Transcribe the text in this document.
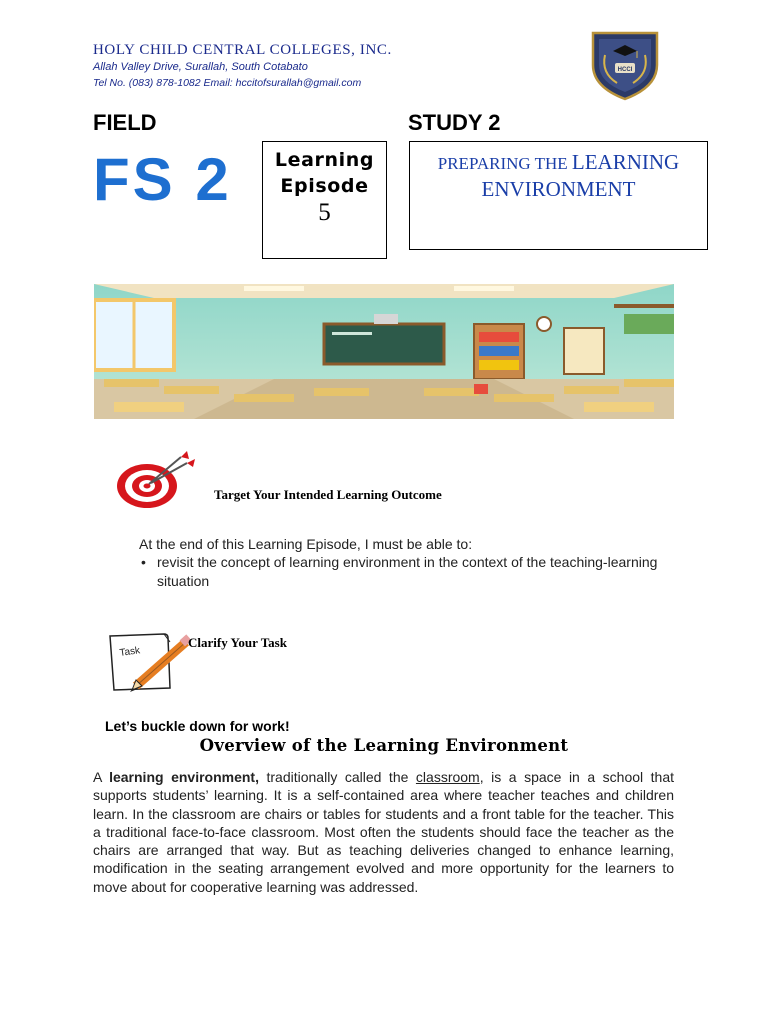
HOLY CHILD CENTRAL COLLEGES, INC.
Allah Valley Drive, Surallah, South Cotabato
Tel No. (083) 878-1082 Email: hccitofsurallah@gmail.com
HCCI
FIELD	STUDY 2
FS 2	Learning
Episode
5
PREPARING THE LEARNING
ENVIRONMENT
Target Your Intended Learning Outcome
At the end of this Learning Episode, I must be able to:
• revisit the concept of learning environment in the context of the teaching-learning situation
Task
Clarify Your Task
Let’s buckle down for work!
Overview of the Learning Environment

A learning environment, traditionally called the classroom, is a space in a school that supports students’ learning. It is a self-contained area where teacher teaches and children learn. In the classroom are chairs or tables for students and a front table for the teacher. This a traditional face-to-face classroom. Most often the students should face the teacher as the chairs are arranged that way. But as teaching deliveries changed to enhance learning, modification in the seating arrangement evolved and more opportunity for the learners to move about for cooperative learning was addressed.
